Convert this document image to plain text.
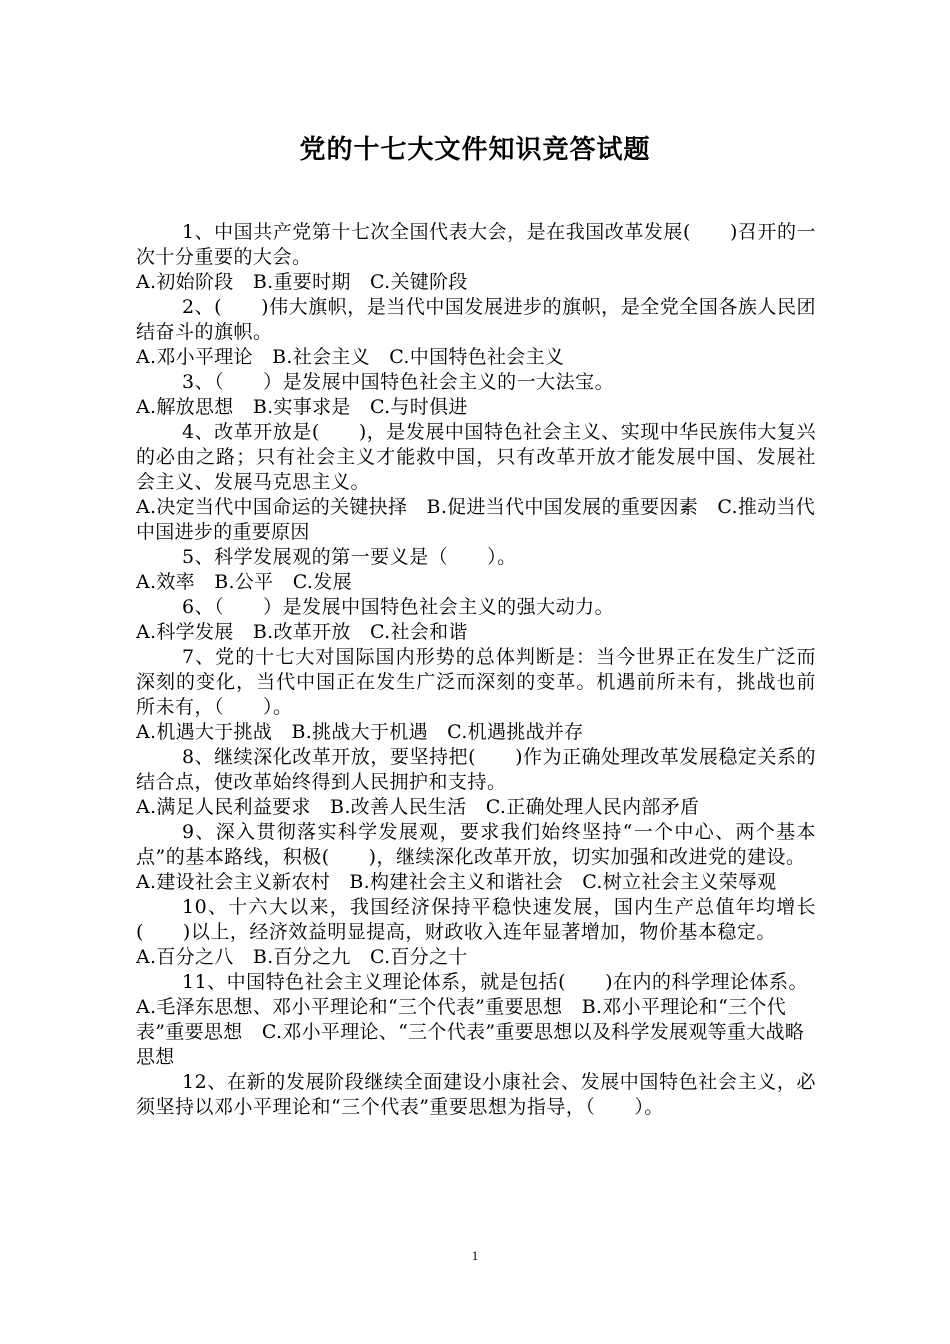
党的十七大文件知识竞答试题

1、中国共产党第十七次全国代表大会，是在我国改革发展(　　)召开的一次十分重要的大会。

A.初始阶段　B.重要时期　C.关键阶段

2、(　　)伟大旗帜，是当代中国发展进步的旗帜，是全党全国各族人民团结奋斗的旗帜。

A.邓小平理论　B.社会主义　C.中国特色社会主义

3、（　　）是发展中国特色社会主义的一大法宝。

A.解放思想　B.实事求是　C.与时俱进

4、改革开放是(　　)，是发展中国特色社会主义、实现中华民族伟大复兴的必由之路；只有社会主义才能救中国，只有改革开放才能发展中国、发展社会主义、发展马克思主义。

A.决定当代中国命运的关键抉择　B.促进当代中国发展的重要因素　C.推动当代中国进步的重要原因

5、科学发展观的第一要义是（　　）。

A.效率　B.公平　C.发展

6、（　　）是发展中国特色社会主义的强大动力。

A.科学发展　B.改革开放　C.社会和谐

7、党的十七大对国际国内形势的总体判断是：当今世界正在发生广泛而深刻的变化，当代中国正在发生广泛而深刻的变革。机遇前所未有，挑战也前所未有，（　　）。

A.机遇大于挑战　B.挑战大于机遇　C.机遇挑战并存

8、继续深化改革开放，要坚持把(　　)作为正确处理改革发展稳定关系的结合点，使改革始终得到人民拥护和支持。

A.满足人民利益要求　B.改善人民生活　C.正确处理人民内部矛盾

9、深入贯彻落实科学发展观，要求我们始终坚持“一个中心、两个基本点”的基本路线，积极(　　)，继续深化改革开放，切实加强和改进党的建设。

A.建设社会主义新农村　B.构建社会主义和谐社会　C.树立社会主义荣辱观

10、十六大以来，我国经济保持平稳快速发展，国内生产总值年均增长(　　)以上，经济效益明显提高，财政收入连年显著增加，物价基本稳定。

A.百分之八　B.百分之九　C.百分之十

11、中国特色社会主义理论体系，就是包括(　　)在内的科学理论体系。

A.毛泽东思想、邓小平理论和“三个代表”重要思想　B.邓小平理论和“三个代表”重要思想　C.邓小平理论、“三个代表”重要思想以及科学发展观等重大战略思想

12、在新的发展阶段继续全面建设小康社会、发展中国特色社会主义，必须坚持以邓小平理论和“三个代表”重要思想为指导，（　　）。

1
